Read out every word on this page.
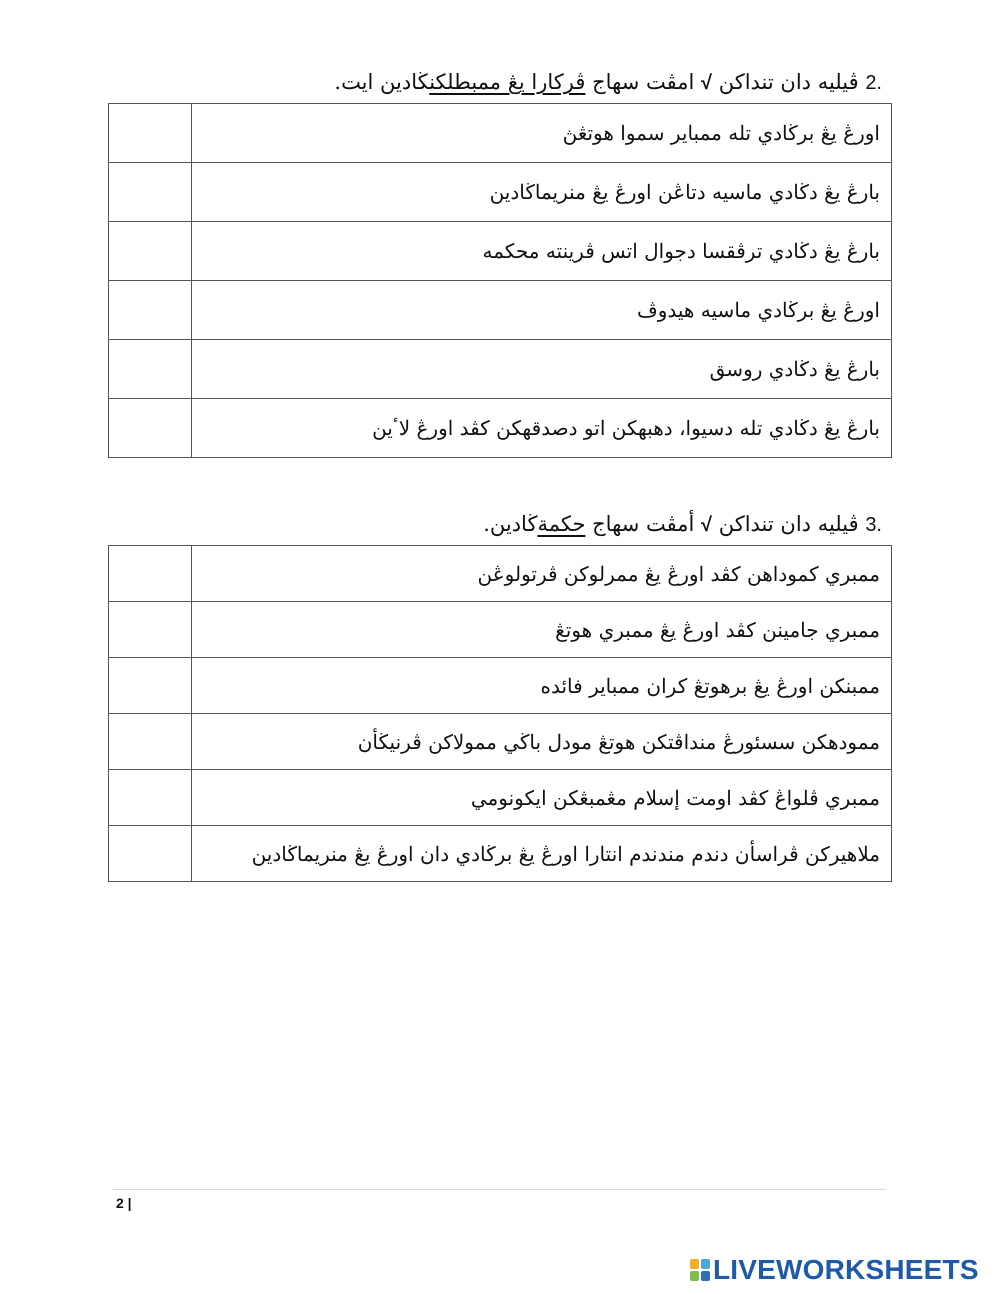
2. ڤيليه دان تنداکن √ امڤت سهاج ڤرکارا يڠ ممبطلکنڬادين ايت.
اورڠ يڠ برڬادي تله ممباير سموا هوتڠڽ	
بارڠ يڠ دڬادي ماسيه دتاڠن اورڠ يڠ منريماڬادين	
بارڠ يڠ دڬادي ترڤقسا دجوال اتس ڤرينته محکمه	
اورڠ يڠ برڬادي ماسيه هيدوڤ	
بارڠ يڠ دڬادي روسق	
بارڠ يڠ دڬادي تله دسيوا، دهبهکن اتو دصدقهکن کڤد اورڠ لاٴين	
3. ڤيليه دان تنداکن √ أمڤت سهاج حکمةڬادين.
ممبري کموداهن کڤد اورڠ يڠ ممرلوکن ڤرتولوڠن	
ممبري جامينن کڤد اورڠ يڠ ممبري هوتڠ	
ممبنکن اورڠ يڠ برهوتڠ کران ممباير فائده	
ممودهکن سسئورڠ منداڤتکن هوتڠ مودل باڬي ممولاکن ڤرنيڬأن	
ممبري ڤلواڠ کڤد اومت إسلام مڠمبڠکن ايکونومي	
ملاهيرکن ڤراسأن دندم مندندم انتارا اورڠ يڠ برڬادي دان اورڠ يڠ منريماڬادين	
2 |
LIVEWORKSHEETS
